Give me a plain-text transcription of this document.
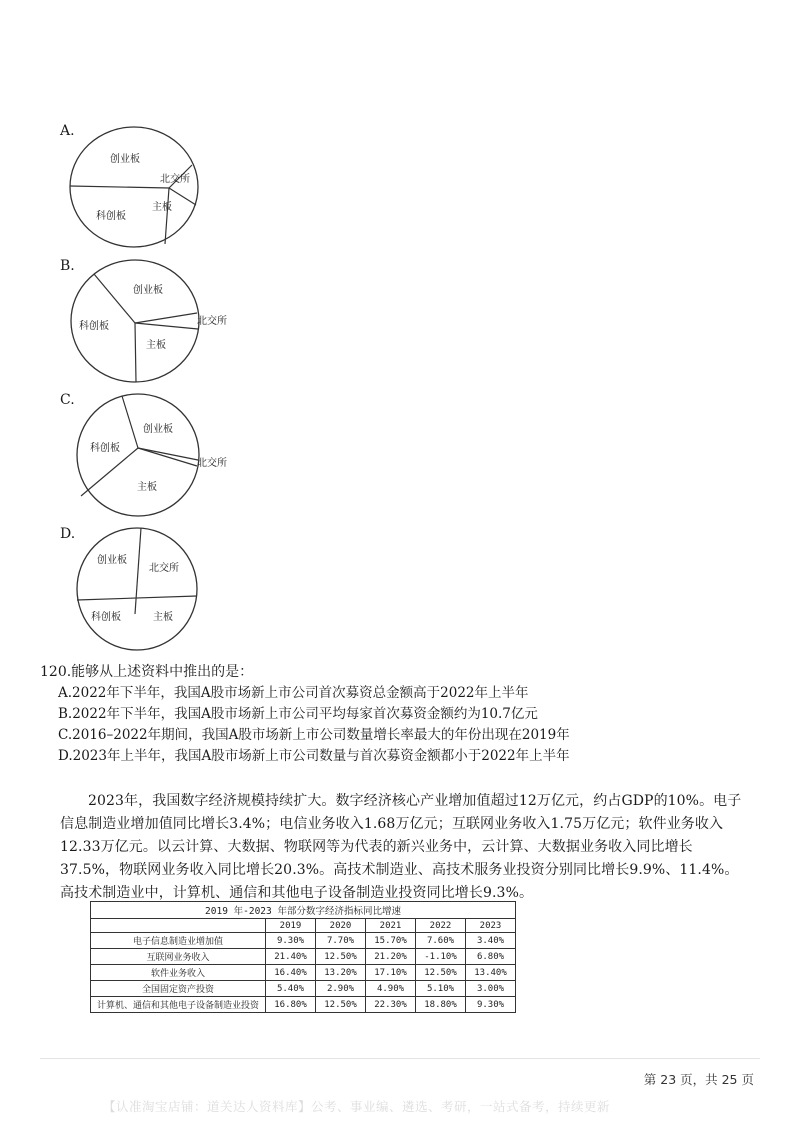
A.
创业板
北交所
主板
科创板
B.
创业板
北交所
主板
科创板
C.
创业板
北交所
主板
科创板
D.
创业板
北交所
主板
科创板
120.能够从上述资料中推出的是：
A.2022年下半年，我国A股市场新上市公司首次募资总金额高于2022年上半年
B.2022年下半年，我国A股市场新上市公司平均每家首次募资金额约为10.7亿元
C.2016–2022年期间，我国A股市场新上市公司数量增长率最大的年份出现在2019年
D.2023年上半年，我国A股市场新上市公司数量与首次募资金额都小于2022年上半年
2023年，我国数字经济规模持续扩大。数字经济核心产业增加值超过12万亿元，约占GDP的10%。电子信息制造业增加值同比增长3.4%；电信业务收入1.68万亿元；互联网业务收入1.75万亿元；软件业务收入12.33万亿元。以云计算、大数据、物联网等为代表的新兴业务中，云计算、大数据业务收入同比增长37.5%，物联网业务收入同比增长20.3%。高技术制造业、高技术服务业投资分别同比增长9.9%、11.4%。高技术制造业中，计算机、通信和其他电子设备制造业投资同比增长9.3%。
2019 年-2023 年部分数字经济指标同比增速					
	2019	2020	2021	2022	2023
电子信息制造业增加值	9.30%	7.70%	15.70%	7.60%	3.40%
互联网业务收入	21.40%	12.50%	21.20%	-1.10%	6.80%
软件业务收入	16.40%	13.20%	17.10%	12.50%	13.40%
全国固定资产投资	5.40%	2.90%	4.90%	5.10%	3.00%
计算机、通信和其他电子设备制造业投资	16.80%	12.50%	22.30%	18.80%	9.30%
第 23 页，共 25 页
【认准淘宝店铺：道关达人资料库】公考、事业编、遴选、考研，一站式备考，持续更新
